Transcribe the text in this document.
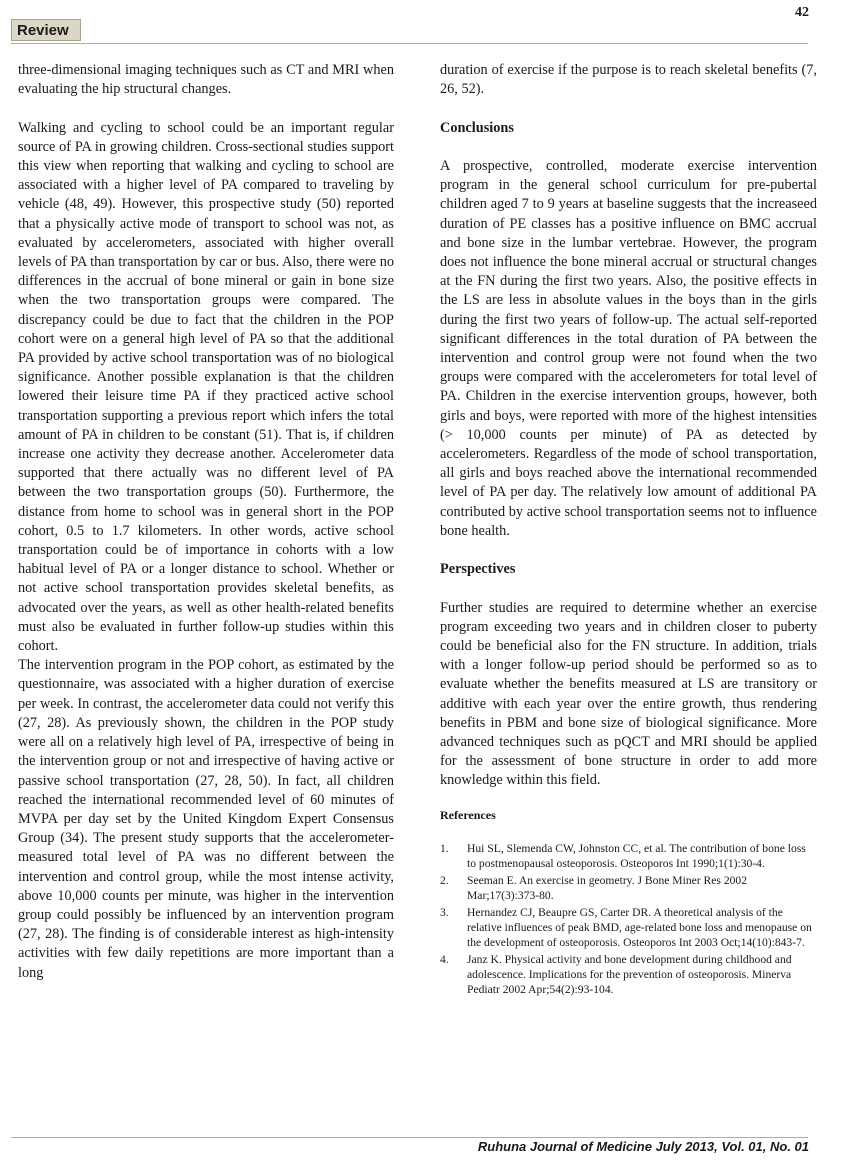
42
Review

three-dimensional imaging techniques such as CT and MRI when evaluating the hip structural changes.

Walking and cycling to school could be an important regular source of PA in growing children. Cross-sectional studies support this view when reporting that walking and cycling to school are associated with a higher level of PA compared to traveling by vehicle (48, 49). However, this prospective study (50) reported that a physically active mode of transport to school was not, as evaluated by accelerometers, associated with higher overall levels of PA than transportation by car or bus. Also, there were no differences in the accrual of bone mineral or gain in bone size when the two transportation groups were compared. The discrepancy could be due to fact that the children in the POP cohort were on a general high level of PA so that the additional PA provided by active school transportation was of no biological significance. Another possible explanation is that the children lowered their leisure time PA if they practiced active school transportation supporting a previous report which infers the total amount of PA in children to be constant (51). That is, if children increase one activity they decrease another. Accelerometer data supported that there actually was no different level of PA between the two transportation groups (50). Furthermore, the distance from home to school was in general short in the POP cohort, 0.5 to 1.7 kilometers. In other words, active school transportation could be of importance in cohorts with a low habitual level of PA or a longer distance to school. Whether or not active school transportation provides skeletal benefits, as advocated over the years, as well as other health-related benefits must also be evaluated in further follow-up studies within this cohort.

The intervention program in the POP cohort, as estimated by the questionnaire, was associated with a higher duration of exercise per week. In contrast, the accelerometer data could not verify this (27, 28). As previously shown, the children in the POP study were all on a relatively high level of PA, irrespective of being in the intervention group or not and irrespective of having active or passive school transportation (27, 28, 50). In fact, all children reached the international recommended level of 60 minutes of MVPA per day set by the United Kingdom Expert Consensus Group (34). The present study supports that the accelerometer-measured total level of PA was no different between the intervention and control group, while the most intense activity, above 10,000 counts per minute, was higher in the intervention group could possibly be influenced by an intervention program (27, 28). The finding is of considerable interest as high-intensity activities with few daily repetitions are more important than a long

duration of exercise if the purpose is to reach skeletal benefits (7, 26, 52).

Conclusions

A prospective, controlled, moderate exercise intervention program in the general school curriculum for pre-pubertal children aged 7 to 9 years at baseline suggests that the increaseed duration of PE classes has a positive influence on BMC accrual and bone size in the lumbar vertebrae. However, the program does not influence the bone mineral accrual or structural changes at the FN during the first two years. Also, the positive effects in the LS are less in absolute values in the boys than in the girls during the first two years of follow-up. The actual self-reported significant differences in the total duration of PA between the intervention and control group were not found when the two groups were compared with the accelerometers for total level of PA. Children in the exercise intervention groups, however, both girls and boys, were reported with more of the highest intensities (> 10,000 counts per minute) of PA as detected by accelerometers. Regardless of the mode of school transportation, all girls and boys reached above the international recommended level of PA per day. The relatively low amount of additional PA contributed by active school transportation seems not to influence bone health.

Perspectives

Further studies are required to determine whether an exercise program exceeding two years and in children closer to puberty could be beneficial also for the FN structure. In addition, trials with a longer follow-up period should be performed so as to evaluate whether the benefits measured at LS are transitory or additive with each year over the entire growth, thus rendering benefits in PBM and bone size of biological significance. More advanced techniques such as pQCT and MRI should be applied for the assessment of bone structure in order to add more knowledge within this field.

References
1.	Hui SL, Slemenda CW, Johnston CC, et al. The contribution of bone loss to postmenopausal osteoporosis. Osteoporos Int 1990;1(1):30-4.
2.	Seeman E. An exercise in geometry. J Bone Miner Res 2002 Mar;17(3):373-80.
3.	Hernandez CJ, Beaupre GS, Carter DR. A theoretical analysis of the relative influences of peak BMD, age-related bone loss and menopause on the development of osteoporosis. Osteoporos Int 2003 Oct;14(10):843-7.
4.	Janz K. Physical activity and bone development during childhood and adolescence. Implications for the prevention of osteoporosis. Minerva Pediatr 2002 Apr;54(2):93-104.
Ruhuna Journal of Medicine July 2013, Vol. 01, No. 01
